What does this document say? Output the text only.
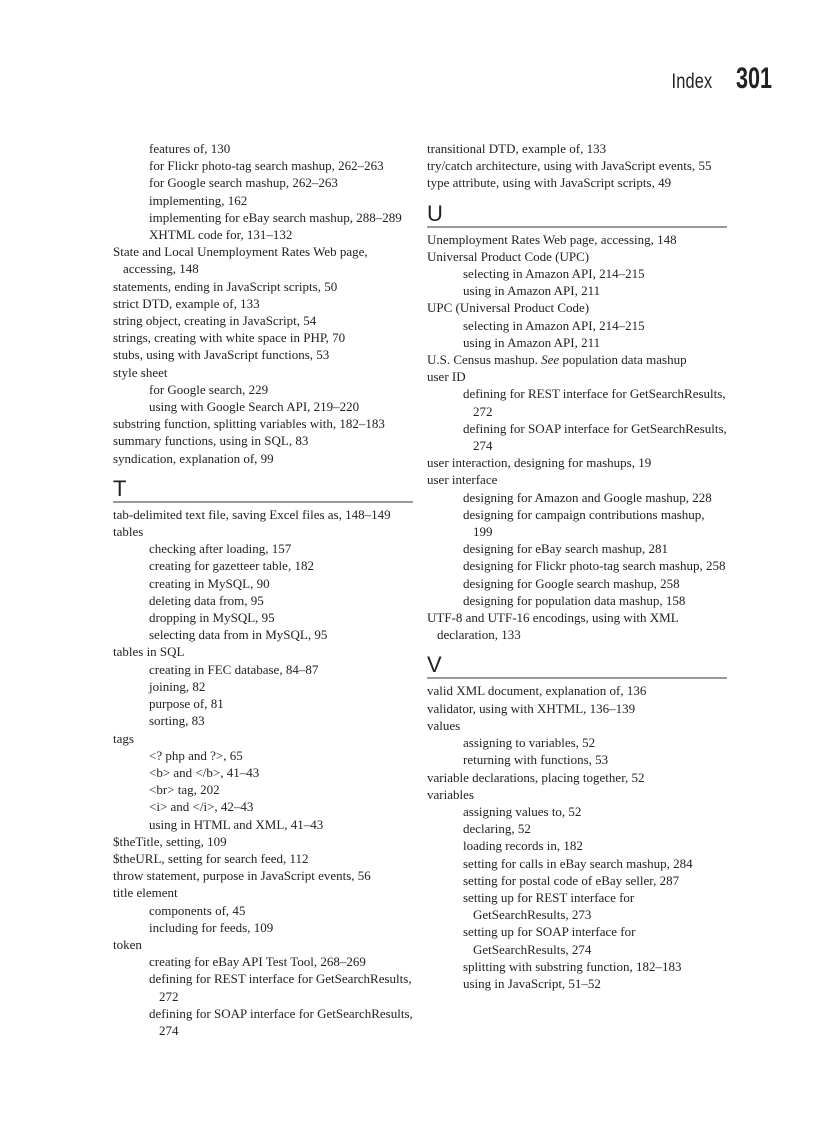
Index 301

features of, 130

for Flickr photo-tag search mashup, 262–263

for Google search mashup, 262–263

implementing, 162

implementing for eBay search mashup, 288–289

XHTML code for, 131–132

State and Local Unemployment Rates Web page, accessing, 148

statements, ending in JavaScript scripts, 50

strict DTD, example of, 133

string object, creating in JavaScript, 54

strings, creating with white space in PHP, 70

stubs, using with JavaScript functions, 53

style sheet

for Google search, 229

using with Google Search API, 219–220

substring function, splitting variables with, 182–183

summary functions, using in SQL, 83

syndication, explanation of, 99

T

tab-delimited text file, saving Excel files as, 148–149

tables

checking after loading, 157

creating for gazetteer table, 182

creating in MySQL, 90

deleting data from, 95

dropping in MySQL, 95

selecting data from in MySQL, 95

tables in SQL

creating in FEC database, 84–87

joining, 82

purpose of, 81

sorting, 83

tags

<? php and ?>, 65

<b> and </b>, 41–43

<br> tag, 202

<i> and </i>, 42–43

using in HTML and XML, 41–43

$theTitle, setting, 109

$theURL, setting for search feed, 112

throw statement, purpose in JavaScript events, 56

title element

components of, 45

including for feeds, 109

token

creating for eBay API Test Tool, 268–269

defining for REST interface for GetSearchResults, 272

defining for SOAP interface for GetSearchResults, 274

transitional DTD, example of, 133

try/catch architecture, using with JavaScript events, 55

type attribute, using with JavaScript scripts, 49

U

Unemployment Rates Web page, accessing, 148

Universal Product Code (UPC)

selecting in Amazon API, 214–215

using in Amazon API, 211

UPC (Universal Product Code)

selecting in Amazon API, 214–215

using in Amazon API, 211

U.S. Census mashup. See population data mashup

user ID

defining for REST interface for GetSearchResults, 272

defining for SOAP interface for GetSearchResults, 274

user interaction, designing for mashups, 19

user interface

designing for Amazon and Google mashup, 228

designing for campaign contributions mashup, 199

designing for eBay search mashup, 281

designing for Flickr photo-tag search mashup, 258

designing for Google search mashup, 258

designing for population data mashup, 158

UTF-8 and UTF-16 encodings, using with XML declaration, 133

V

valid XML document, explanation of, 136

validator, using with XHTML, 136–139

values

assigning to variables, 52

returning with functions, 53

variable declarations, placing together, 52

variables

assigning values to, 52

declaring, 52

loading records in, 182

setting for calls in eBay search mashup, 284

setting for postal code of eBay seller, 287

setting up for REST interface for GetSearchResults, 273

setting up for SOAP interface for GetSearchResults, 274

splitting with substring function, 182–183

using in JavaScript, 51–52
